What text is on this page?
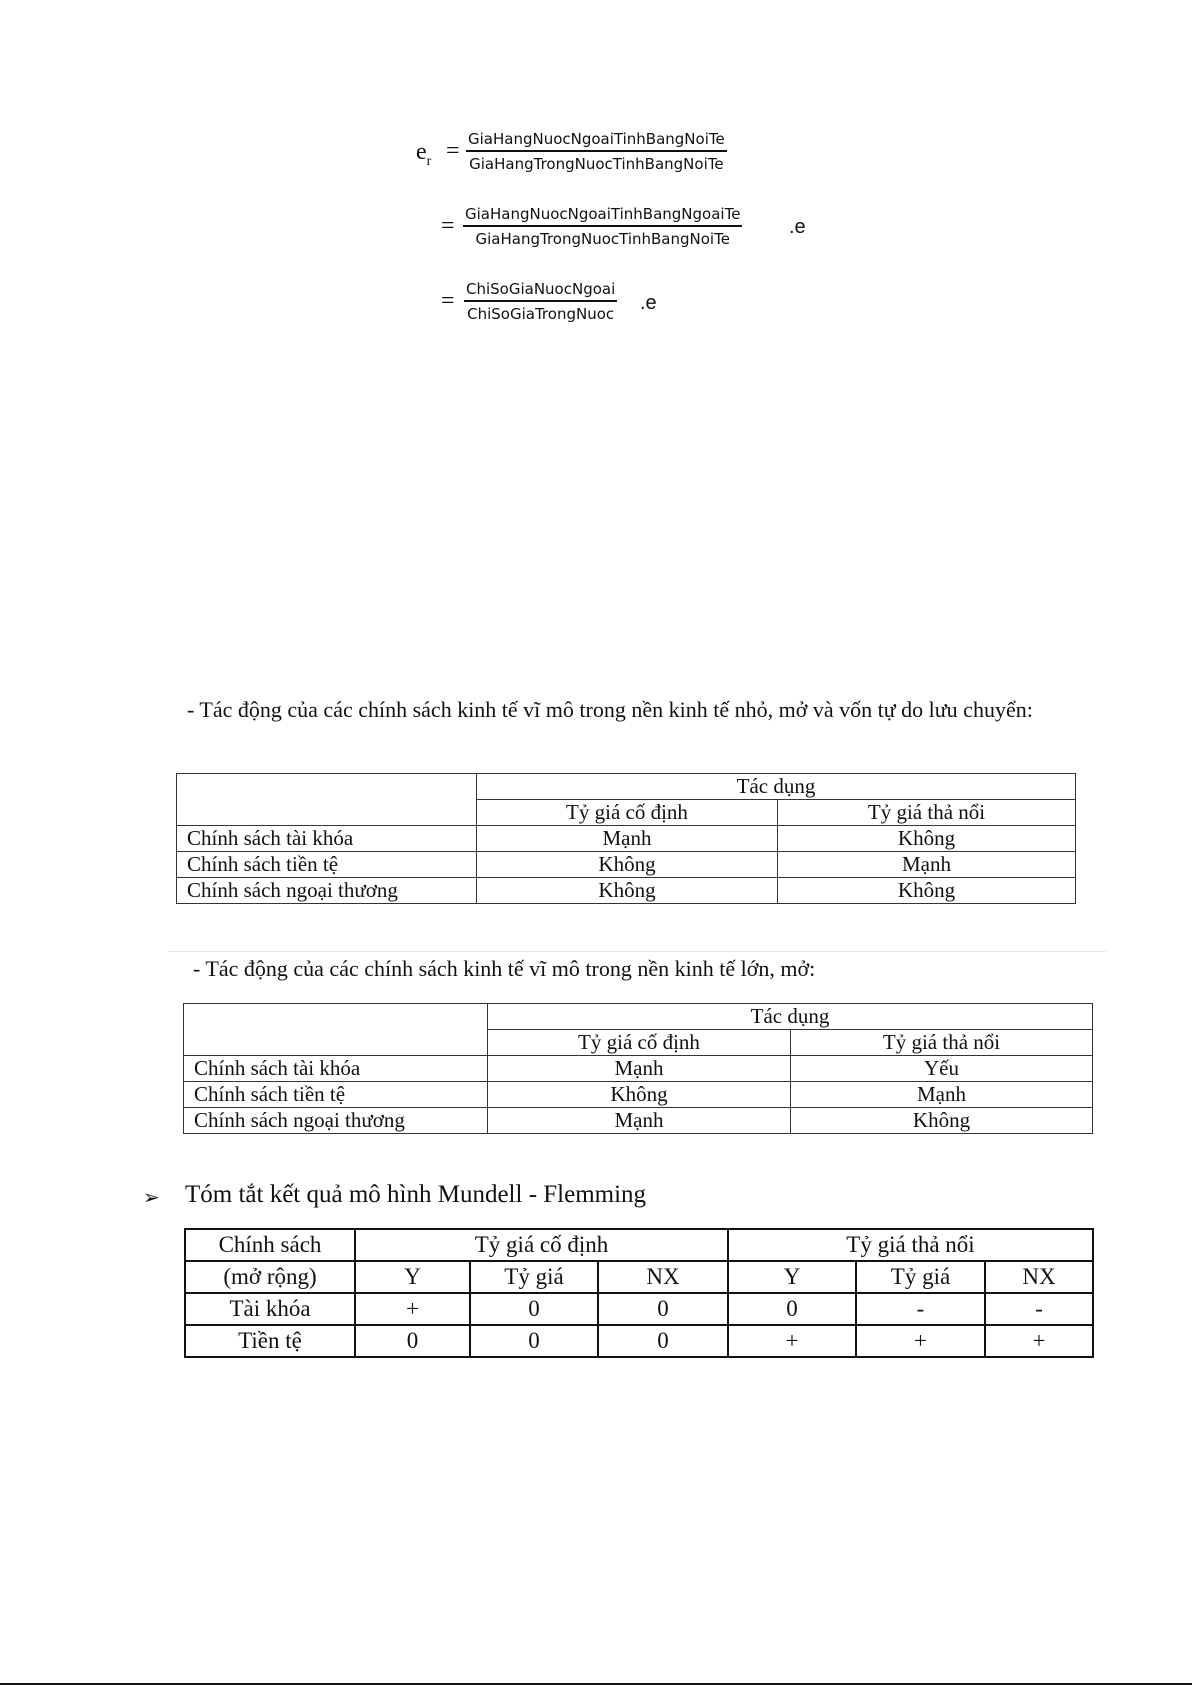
$e_r$ = GiaHangNuocNgoaiTinhBangNoiTe
GiaHangTrongNuocTinhBangNoiTe
= GiaHangNuocNgoaiTinhBangNgoaiTe
GiaHangTrongNuocTinhBangNoiTe
.e
= ChiSoGiaNuocNgoai
ChiSoGiaTrongNuoc .e
- Tác động của các chính sách kinh tế vĩ mô trong nền kinh tế nhỏ, mở và vốn tự do lưu chuyển:
	Tác dụng	
	Tỷ giá cố định	Tỷ giá thả nổi
Chính sách tài khóa	Mạnh	Không
Chính sách tiền tệ	Không	Mạnh
Chính sách ngoại thương	Không	Không
- Tác động của các chính sách kinh tế vĩ mô trong nền kinh tế lớn, mở:
	Tác dụng	
	Tỷ giá cố định	Tỷ giá thả nổi
Chính sách tài khóa	Mạnh	Yếu
Chính sách tiền tệ	Không	Mạnh
Chính sách ngoại thương	Mạnh	Không
➢ Tóm tắt kết quả mô hình Mundell - Flemming
Chính sách	Tỷ giá cố định			Tỷ giá thả nổi		
(mở rộng)	Y	Tỷ giá	NX	Y	Tỷ giá	NX
Tài khóa	+	0	0	0	-	-
Tiền tệ	0	0	0	+	+	+
